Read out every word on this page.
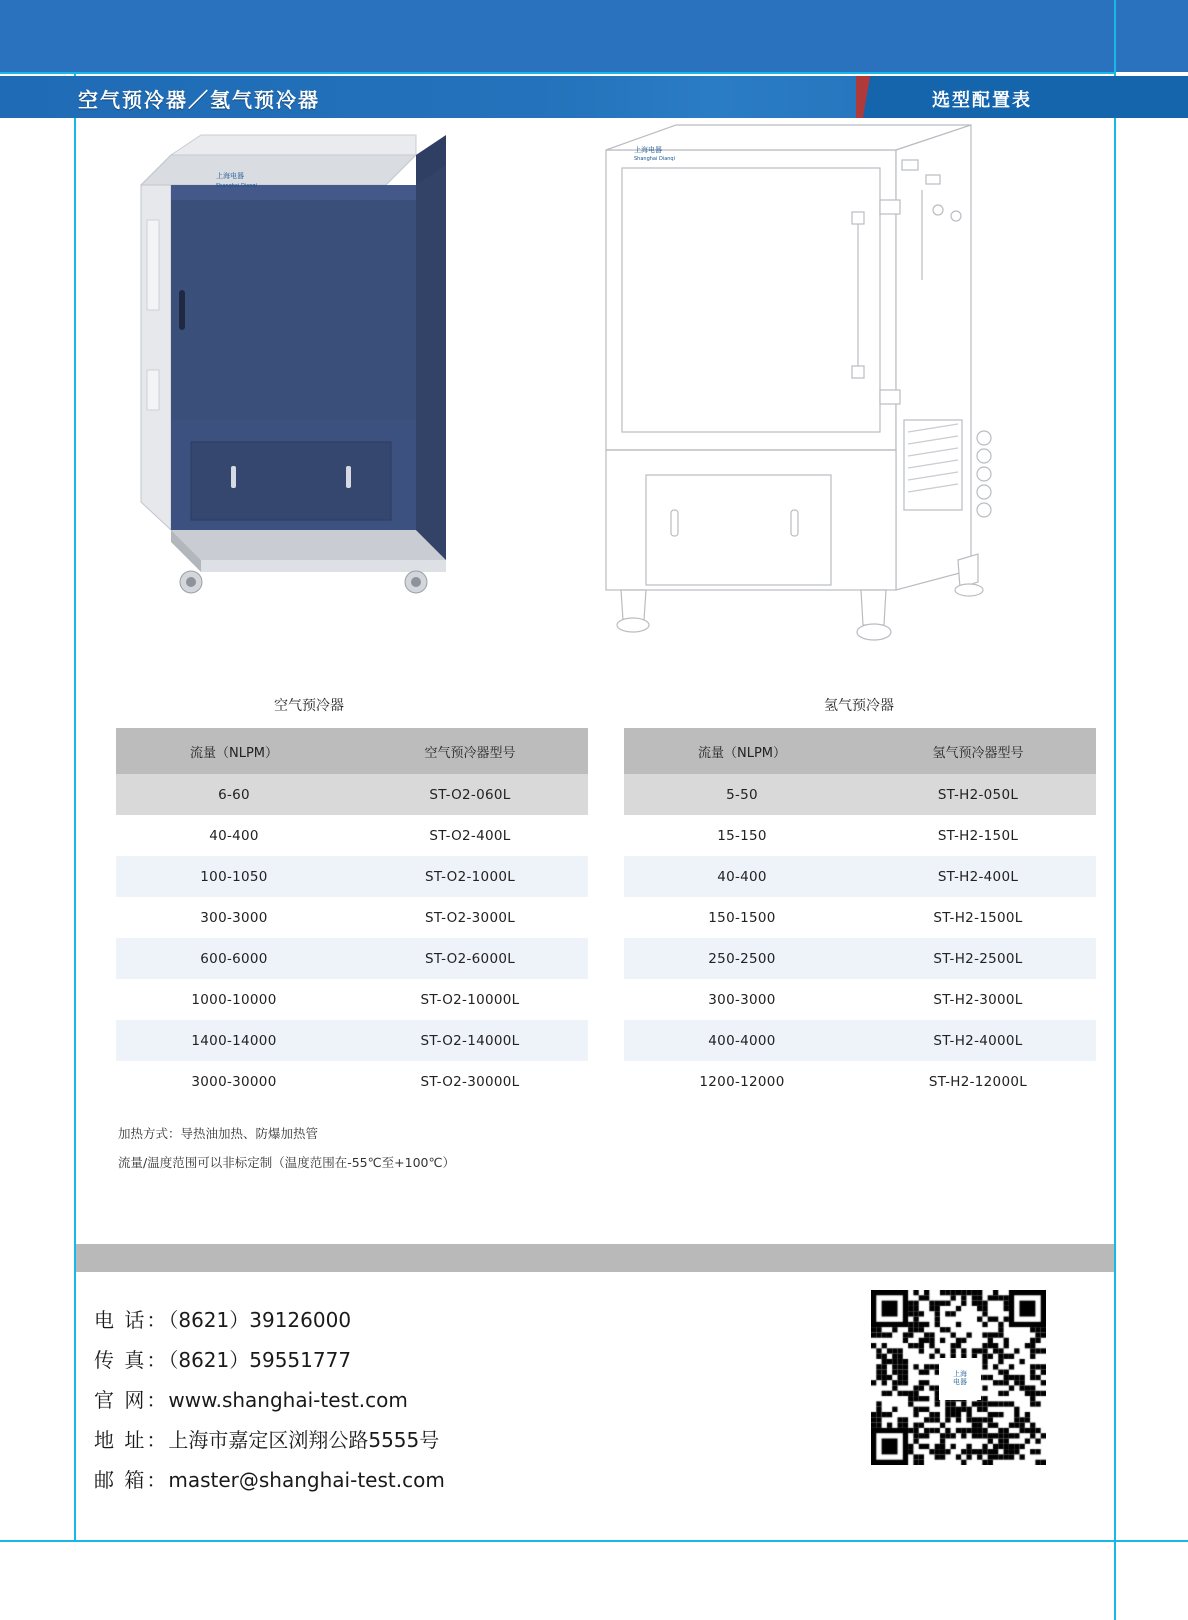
空气预冷器／氢气预冷器	选型配置表
上海电器
Shanghai Dianqi
上海电器
Shanghai Dianqi
空气预冷器	氢气预冷器
流量（NLPM）	空气预冷器型号
6-60	ST-O2-060L
40-400	ST-O2-400L
100-1050	ST-O2-1000L
300-3000	ST-O2-3000L
600-6000	ST-O2-6000L
1000-10000	ST-O2-10000L
1400-14000	ST-O2-14000L
3000-30000	ST-O2-30000L
流量（NLPM）	氢气预冷器型号
5-50	ST-H2-050L
15-150	ST-H2-150L
40-400	ST-H2-400L
150-1500	ST-H2-1500L
250-2500	ST-H2-2500L
300-3000	ST-H2-3000L
400-4000	ST-H2-4000L
1200-12000	ST-H2-12000L
加热方式：导热油加热、防爆加热管
流量/温度范围可以非标定制（温度范围在-55℃至+100℃）
电 话：（8621）39126000
传 真：（8621）59551777
官 网：www.shanghai-test.com
地 址：上海市嘉定区浏翔公路5555号
邮 箱：master@shanghai-test.com
上海
电器
